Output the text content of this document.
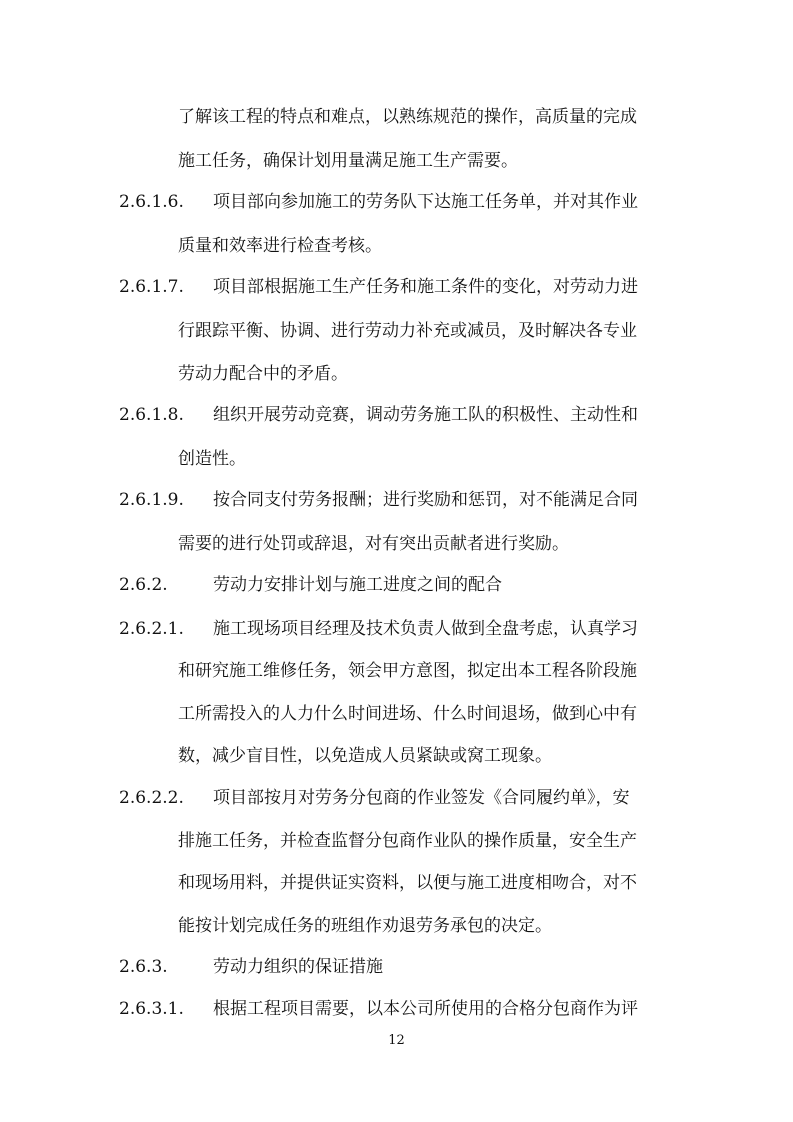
了解该工程的特点和难点，以熟练规范的操作，高质量的完成
施工任务，确保计划用量满足施工生产需要。
2.6.1.6. 项目部向参加施工的劳务队下达施工任务单，并对其作业
质量和效率进行检查考核。
2.6.1.7. 项目部根据施工生产任务和施工条件的变化，对劳动力进
行跟踪平衡、协调、进行劳动力补充或减员，及时解决各专业
劳动力配合中的矛盾。
2.6.1.8. 组织开展劳动竞赛，调动劳务施工队的积极性、主动性和
创造性。
2.6.1.9. 按合同支付劳务报酬；进行奖励和惩罚，对不能满足合同
需要的进行处罚或辞退，对有突出贡献者进行奖励。
2.6.2.	劳动力安排计划与施工进度之间的配合
2.6.2.1. 施工现场项目经理及技术负责人做到全盘考虑，认真学习
和研究施工维修任务，领会甲方意图，拟定出本工程各阶段施
工所需投入的人力什么时间进场、什么时间退场，做到心中有
数，减少盲目性，以免造成人员紧缺或窝工现象。
2.6.2.2. 项目部按月对劳务分包商的作业签发《合同履约单》，安
排施工任务，并检查监督分包商作业队的操作质量，安全生产
和现场用料，并提供证实资料，以便与施工进度相吻合，对不
能按计划完成任务的班组作劝退劳务承包的决定。
2.6.3.	劳动力组织的保证措施
2.6.3.1. 根据工程项目需要，以本公司所使用的合格分包商作为评
12
